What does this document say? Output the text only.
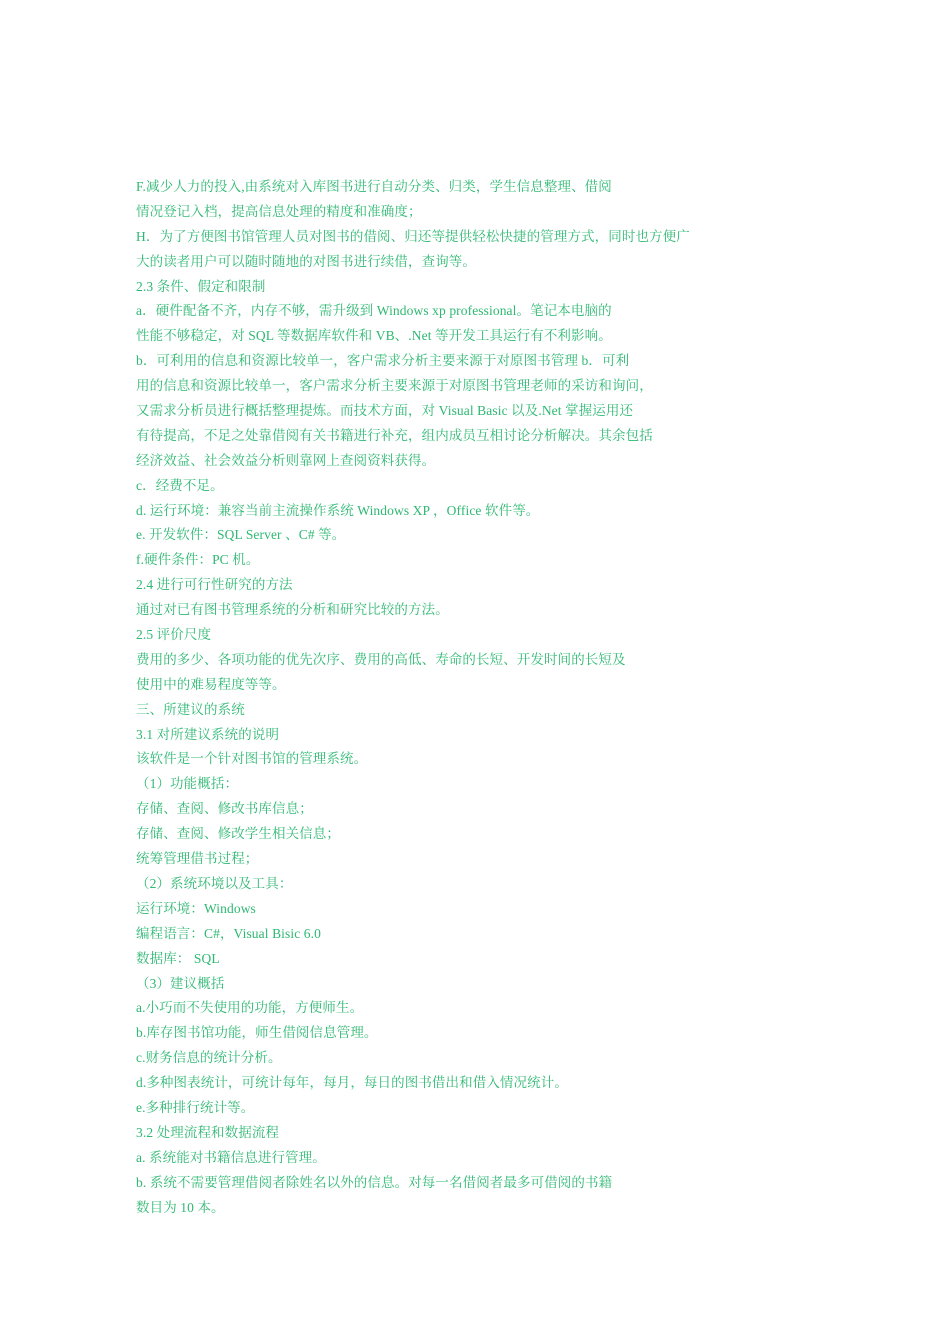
F.减少人力的投入,由系统对入库图书进行自动分类、归类，学生信息整理、借阅
情况登记入档，提高信息处理的精度和准确度；
H．为了方便图书馆管理人员对图书的借阅、归还等提供轻松快捷的管理方式，同时也方便广
大的读者用户可以随时随地的对图书进行续借，查询等。
2.3 条件、假定和限制
a．硬件配备不齐，内存不够，需升级到 Windows xp professional。笔记本电脑的
性能不够稳定，对 SQL 等数据库软件和 VB、.Net 等开发工具运行有不利影响。
b．可利用的信息和资源比较单一，客户需求分析主要来源于对原图书管理 b．可利
用的信息和资源比较单一，客户需求分析主要来源于对原图书管理老师的采访和询问，
又需求分析员进行概括整理提炼。而技术方面，对 Visual Basic 以及.Net 掌握运用还
有待提高，不足之处靠借阅有关书籍进行补充，组内成员互相讨论分析解决。其余包括
经济效益、社会效益分析则靠网上查阅资料获得。
c．经费不足。
d. 运行环境：兼容当前主流操作系统 Windows XP ，Office 软件等。
e. 开发软件：SQL Server 、C# 等。
f.硬件条件：PC 机。
2.4 进行可行性研究的方法
通过对已有图书管理系统的分析和研究比较的方法。
2.5 评价尺度
费用的多少、各项功能的优先次序、费用的高低、寿命的长短、开发时间的长短及
使用中的难易程度等等。
三、所建议的系统
3.1 对所建议系统的说明
该软件是一个针对图书馆的管理系统。
（1）功能概括：
存储、查阅、修改书库信息；
存储、查阅、修改学生相关信息；
统筹管理借书过程；
（2）系统环境以及工具：
运行环境：Windows
编程语言：C#，Visual Bisic 6.0
数据库： SQL
（3）建议概括
a.小巧而不失使用的功能，方便师生。
b.库存图书馆功能，师生借阅信息管理。
c.财务信息的统计分析。
d.多种图表统计，可统计每年，每月，每日的图书借出和借入情况统计。
e.多种排行统计等。
3.2 处理流程和数据流程
a. 系统能对书籍信息进行管理。
b. 系统不需要管理借阅者除姓名以外的信息。对每一名借阅者最多可借阅的书籍
数目为 10 本。
